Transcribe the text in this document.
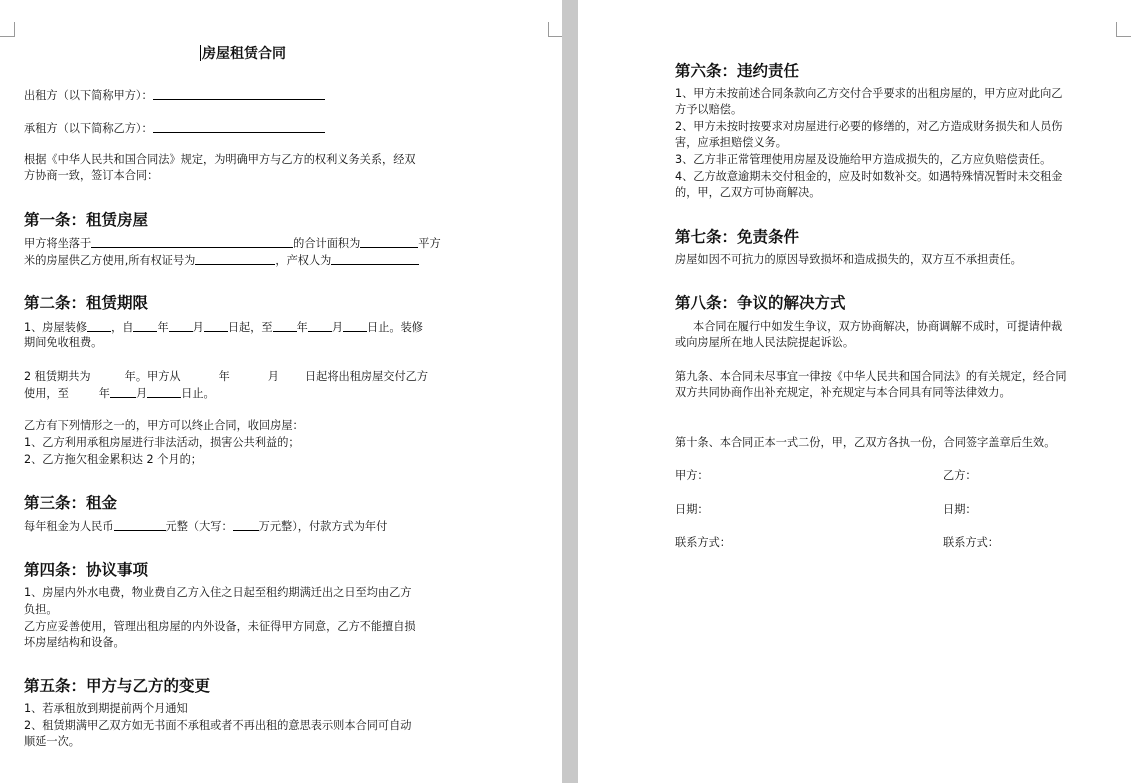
房屋租赁合同
出租方（以下简称甲方）：
承租方（以下简称乙方）：
根据《中华人民共和国合同法》规定，为明确甲方与乙方的权利义务关系，经双
方协商一致，签订本合同：
第一条：租赁房屋
甲方将坐落于	的合计面积为	平方
米的房屋供乙方使用,所有权证号为	，产权人为
第二条：租赁期限
1、房屋装修 ，自 年 月 日起，至 年 月 日止。装修
期间免收租费。
2 租赁期共为	年。甲方从	年	月 日起将出租房屋交付乙方
使用，至	年 月	日止。
乙方有下列情形之一的，甲方可以终止合同，收回房屋：
1、乙方利用承租房屋进行非法活动，损害公共利益的；
2、乙方拖欠租金累积达 2 个月的；
第三条：租金
每年租金为人民币	元整（大写： 万元整），付款方式为年付
第四条：协议事项
1、房屋内外水电费，物业费自乙方入住之日起至租约期满迁出之日至均由乙方
负担。
乙方应妥善使用，管理出租房屋的内外设备，未征得甲方同意，乙方不能擅自损
坏房屋结构和设备。
第五条：甲方与乙方的变更
1、若承租放到期提前两个月通知
2、租赁期满甲乙双方如无书面不承租或者不再出租的意思表示则本合同可自动
顺延一次。
第六条：违约责任
1、甲方未按前述合同条款向乙方交付合乎要求的出租房屋的，甲方应对此向乙
方予以赔偿。
2、甲方未按时按要求对房屋进行必要的修缮的，对乙方造成财务损失和人员伤
害，应承担赔偿义务。
3、乙方非正常管理使用房屋及设施给甲方造成损失的，乙方应负赔偿责任。
4、乙方故意逾期未交付租金的，应及时如数补交。如遇特殊情况暂时未交租金
的，甲，乙双方可协商解决。
第七条：免责条件
房屋如因不可抗力的原因导致损坏和造成损失的，双方互不承担责任。
第八条：争议的解决方式
本合同在履行中如发生争议，双方协商解决，协商调解不成时，可提请仲裁
或向房屋所在地人民法院提起诉讼。
第九条、本合同未尽事宜一律按《中华人民共和国合同法》的有关规定，经合同
双方共同协商作出补充规定，补充规定与本合同具有同等法律效力。
第十条、本合同正本一式二份，甲，乙双方各执一份，合同签字盖章后生效。
甲方：	乙方：
日期：	日期：
联系方式：	联系方式：
